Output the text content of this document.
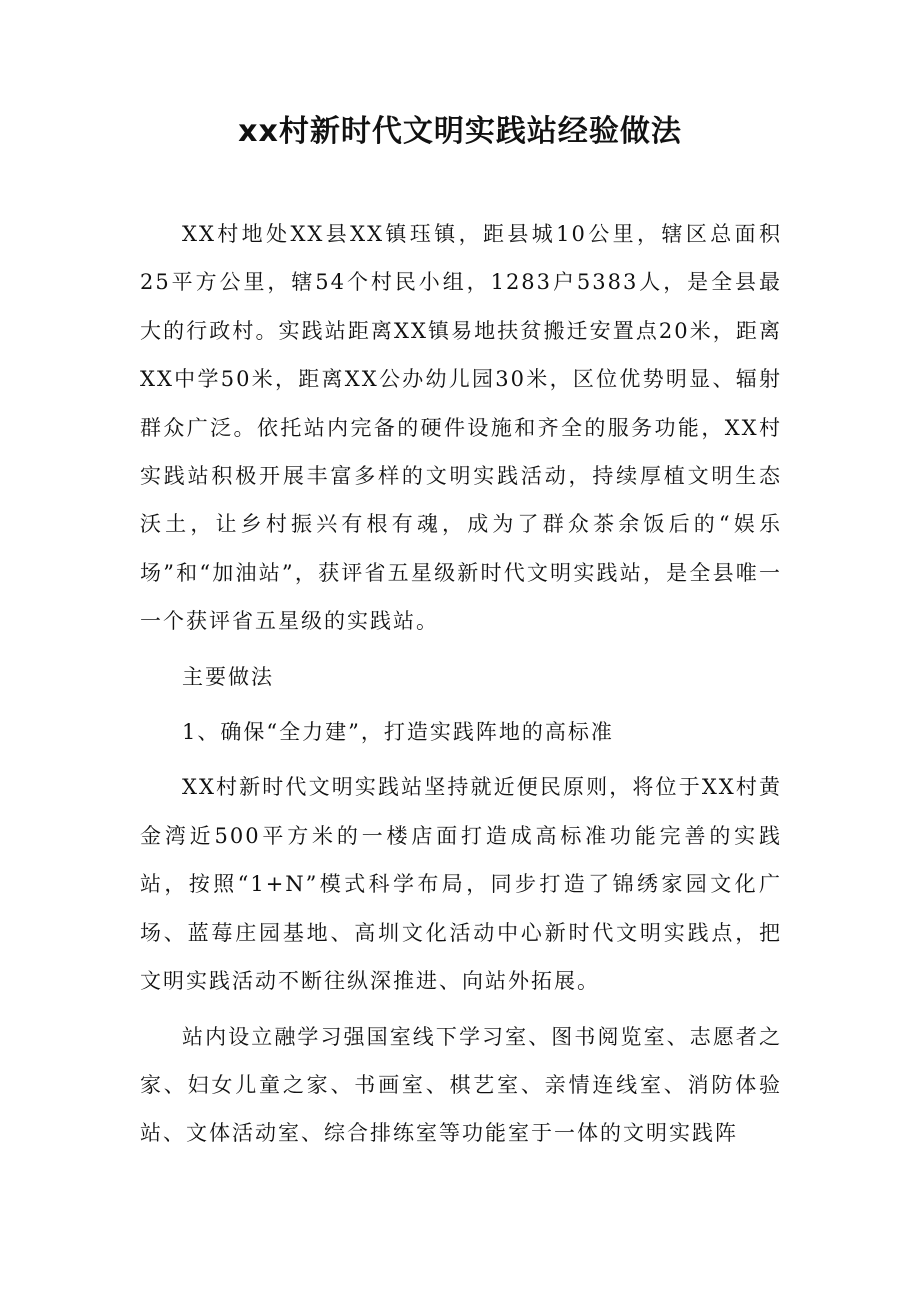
xx村新时代文明实践站经验做法

XX村地处XX县XX镇珏镇，距县城10公里，辖区总面积25平方公里，辖54个村民小组，1283户5383人，是全县最大的行政村。实践站距离XX镇易地扶贫搬迁安置点20米，距离XX中学50米，距离XX公办幼儿园30米，区位优势明显、辐射群众广泛。依托站内完备的硬件设施和齐全的服务功能，XX村实践站积极开展丰富多样的文明实践活动，持续厚植文明生态沃土，让乡村振兴有根有魂，成为了群众茶余饭后的“娱乐场”和“加油站”，获评省五星级新时代文明实践站，是全县唯一一个获评省五星级的实践站。

主要做法

1、确保“全力建”，打造实践阵地的高标准

XX村新时代文明实践站坚持就近便民原则，将位于XX村黄金湾近500平方米的一楼店面打造成高标准功能完善的实践站，按照“1+N”模式科学布局，同步打造了锦绣家园文化广场、蓝莓庄园基地、高圳文化活动中心新时代文明实践点，把文明实践活动不断往纵深推进、向站外拓展。

站内设立融学习强国室线下学习室、图书阅览室、志愿者之家、妇女儿童之家、书画室、棋艺室、亲情连线室、消防体验站、文体活动室、综合排练室等功能室于一体的文明实践阵
